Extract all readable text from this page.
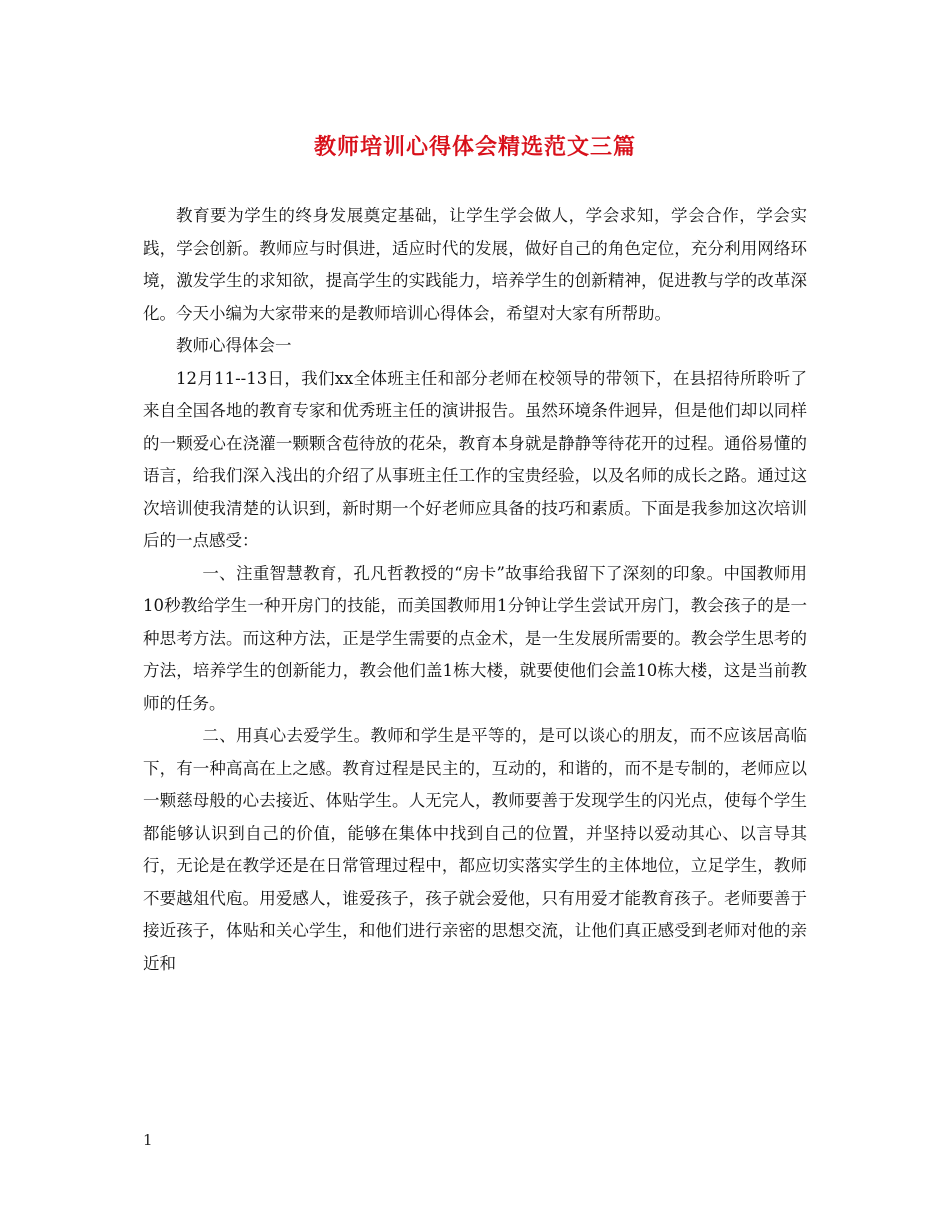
教师培训心得体会精选范文三篇

教育要为学生的终身发展奠定基础，让学生学会做人，学会求知，学会合作，学会实践，学会创新。教师应与时俱进，适应时代的发展，做好自己的角色定位，充分利用网络环境，激发学生的求知欲，提高学生的实践能力，培养学生的创新精神，促进教与学的改革深化。今天小编为大家带来的是教师培训心得体会，希望对大家有所帮助。

教师心得体会一

12月11--13日，我们xx全体班主任和部分老师在校领导的带领下，在县招待所聆听了来自全国各地的教育专家和优秀班主任的演讲报告。虽然环境条件迥异，但是他们却以同样的一颗爱心在浇灌一颗颗含苞待放的花朵，教育本身就是静静等待花开的过程。通俗易懂的语言，给我们深入浅出的介绍了从事班主任工作的宝贵经验，以及名师的成长之路。通过这次培训使我清楚的认识到，新时期一个好老师应具备的技巧和素质。下面是我参加这次培训后的一点感受：

一、注重智慧教育，孔凡哲教授的“房卡”故事给我留下了深刻的印象。中国教师用10秒教给学生一种开房门的技能，而美国教师用1分钟让学生尝试开房门，教会孩子的是一种思考方法。而这种方法，正是学生需要的点金术，是一生发展所需要的。教会学生思考的方法，培养学生的创新能力，教会他们盖1栋大楼，就要使他们会盖10栋大楼，这是当前教师的任务。

二、用真心去爱学生。教师和学生是平等的，是可以谈心的朋友，而不应该居高临下，有一种高高在上之感。教育过程是民主的，互动的，和谐的，而不是专制的，老师应以一颗慈母般的心去接近、体贴学生。人无完人，教师要善于发现学生的闪光点，使每个学生都能够认识到自己的价值，能够在集体中找到自己的位置，并坚持以爱动其心、以言导其行，无论是在教学还是在日常管理过程中，都应切实落实学生的主体地位，立足学生，教师不要越俎代庖。用爱感人，谁爱孩子，孩子就会爱他，只有用爱才能教育孩子。老师要善于接近孩子，体贴和关心学生，和他们进行亲密的思想交流，让他们真正感受到老师对他的亲近和

1
